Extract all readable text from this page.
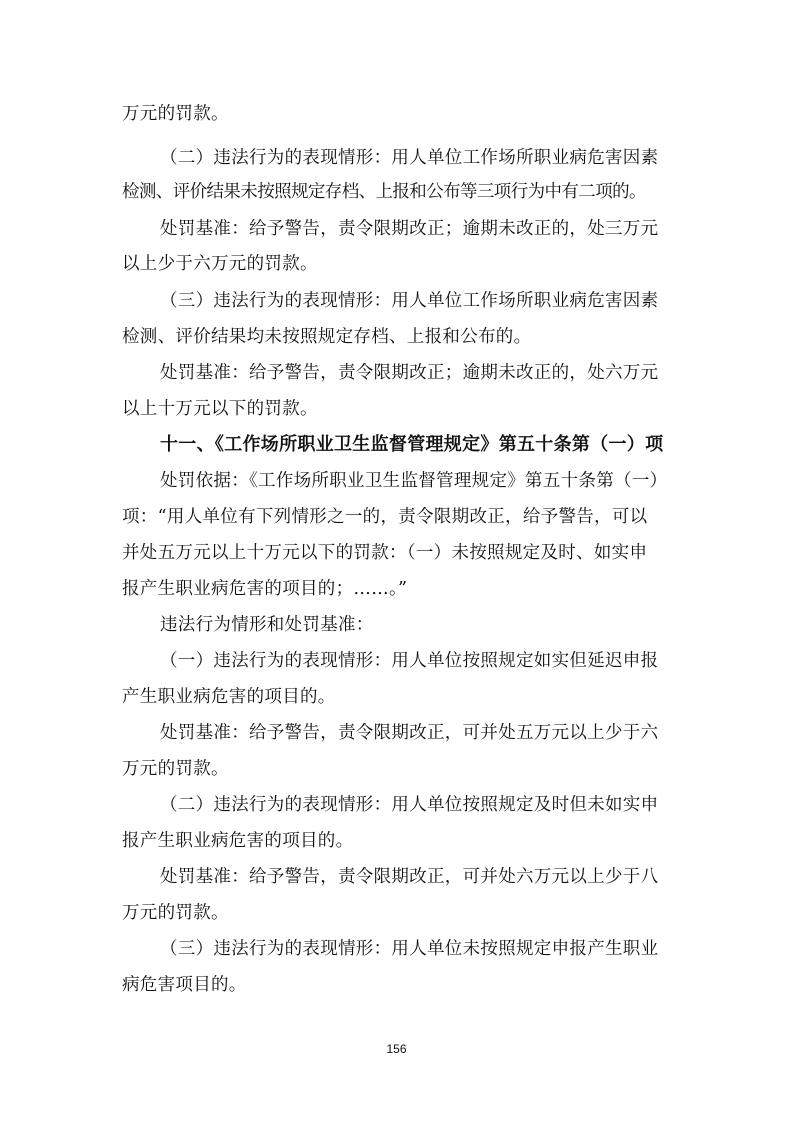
万元的罚款。
（二）违法行为的表现情形：用人单位工作场所职业病危害因素
检测、评价结果未按照规定存档、上报和公布等三项行为中有二项的。
处罚基准：给予警告，责令限期改正；逾期未改正的，处三万元
以上少于六万元的罚款。
（三）违法行为的表现情形：用人单位工作场所职业病危害因素
检测、评价结果均未按照规定存档、上报和公布的。
处罚基准：给予警告，责令限期改正；逾期未改正的，处六万元
以上十万元以下的罚款。
十一、《工作场所职业卫生监督管理规定》第五十条第（一）项
处罚依据：《工作场所职业卫生监督管理规定》第五十条第（一）
项：“用人单位有下列情形之一的，责令限期改正，给予警告，可以
并处五万元以上十万元以下的罚款：（一）未按照规定及时、如实申
报产生职业病危害的项目的；……。”
违法行为情形和处罚基准：
（一）违法行为的表现情形：用人单位按照规定如实但延迟申报
产生职业病危害的项目的。
处罚基准：给予警告，责令限期改正，可并处五万元以上少于六
万元的罚款。
（二）违法行为的表现情形：用人单位按照规定及时但未如实申
报产生职业病危害的项目的。
处罚基准：给予警告，责令限期改正，可并处六万元以上少于八
万元的罚款。
（三）违法行为的表现情形：用人单位未按照规定申报产生职业
病危害项目的。
156
